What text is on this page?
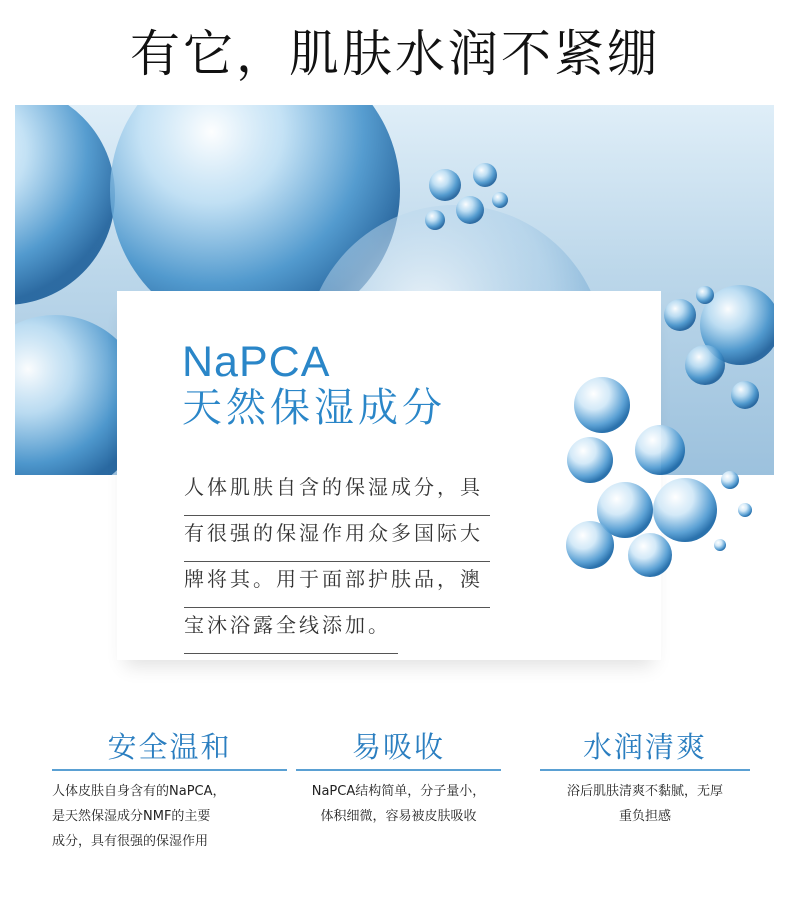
有它，肌肤水润不紧绷
NaPCA
天然保湿成分
人体肌肤自含的保湿成分，具
有很强的保湿作用众多国际大
牌将其。用于面部护肤品，澳
宝沐浴露全线添加。
安全温和
人体皮肤自身含有的NaPCA，
是天然保湿成分NMF的主要
成分，具有很强的保湿作用
易吸收
NaPCA结构简单，分子量小，
体积细微，容易被皮肤吸收
水润清爽
浴后肌肤清爽不黏腻，无厚
重负担感
